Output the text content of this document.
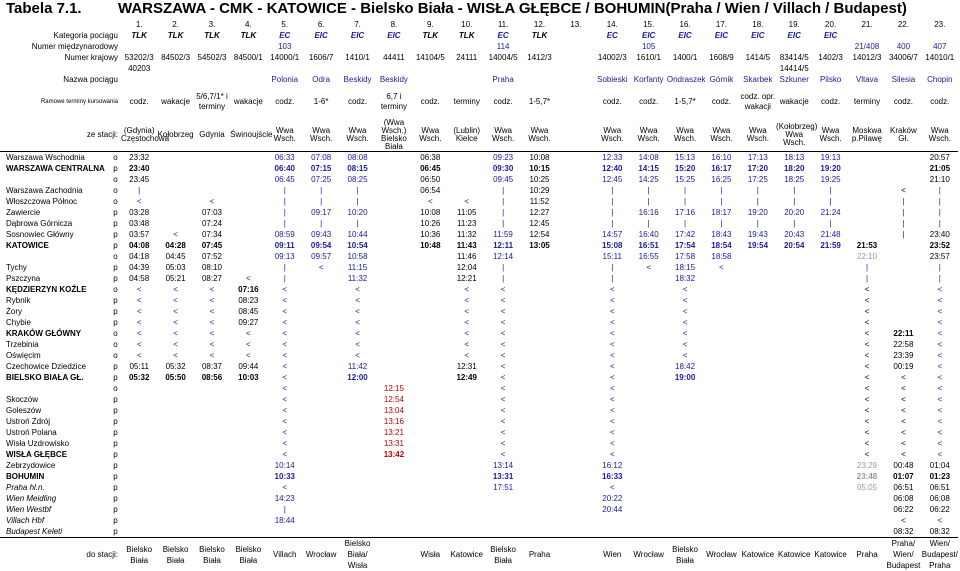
Tabela 7.1. WARSZAWA - CMK - KATOWICE - Bielsko Biała - WISŁA GŁĘBCE / BOHUMIN(Praha / Wien / Villach / Budapest)
		1.	2.	3.	4.	5.	6.	7.	8.	9.	10.	11.	12.	13.	14.	15.	16.	17.	18.	19.	20.	21.	22.	23.
Kategoria pociągu		TLK	TLK	TLK	TLK	EC	EIC	EIC	EIC	TLK	TLK	EC	TLK		EC	EIC	EIC	EIC	EIC	EIC	EIC			
Numer międzynarodowy						103						114				105						21/408	400	407
Numer krajowy		53202/3	84502/3	54502/3	84500/1	14000/1	1606/7	1410/1	44411	14104/5	24111	14004/5	1412/3		14002/3	1610/1	1400/1	1608/9	1414/5	83414/5	1402/3	14012/3	34006/7	14010/1
		40203																		14414/5				
Nazwa pociągu						Polonia	Odra	Beskidy	Beskidy			Praha			Sobieski	Korfanty	Ondraszek	Górnik	Skarbek	Szkuner	Pilsko	Vltava	Silesia	Chopin

Ramowe terminy kursowania		codz.	wakacje	5/6,7/1* i terminy	wakacje	codz.	1-6*	codz.	6,7 i terminy	codz.	terminy	codz.	1-5,7*		codz.	codz.	1-5,7*	codz.	codz. opr. wakacji	wakacje	codz.	terminy	codz.	codz.

ze stacji:		(Gdynia) Częstochowa	Kołobrzeg	Gdynia	Świnoujście	Wwa Wsch.	Wwa Wsch.	Wwa Wsch.	(Wwa Wsch.) Bielsko Biała	Wwa Wsch.	(Lublin) Kielce	Wwa Wsch.	Wwa Wsch.		Wwa Wsch.	Wwa Wsch.	Wwa Wsch.	Wwa Wsch.	Wwa Wsch.	(Kołobrzeg) Wwa Wsch.	Wwa Wsch.	Moskwa p.Pilawę	Kraków Gł.	Wwa Wsch.
Warszawa Wschodnia	o	23:32				06:33	07:08	08:08		06:38		09:23	10:08		12:33	14:08	15:13	16:10	17:13	18:13	19:13			20:57
WARSZAWA CENTRALNA	p	23:40				06:40	07:15	08:15		06:45		09:30	10:15		12:40	14:15	15:20	16:17	17:20	18:20	19:20			21:05
	o	23:45				06:45	07:25	08:25		06:50		09:45	10:25		12:45	14:25	15:25	16:25	17:25	18:25	19:25			21:10
Warszawa Zachodnia	o	|				|	|	|		06:54		|	10:29		|	|	|	|	|	|	|		<	|
Włoszczowa Północ	o	<		<		|	|	|		<	<	|	11:52		|	|	|	|	|	|	|		|	|
Zawiercie	p	03:28		07:03		|	09:17	10:20		10:08	11:05	|	12:27		|	16:16	17:16	18:17	19:20	20:20	21:24		|	|
Dąbrowa Górnicza	p	03:48		07:24		|	|	|		10:26	11:23	|	12:45		|	|	|	|	|	|	|		|	|
Sosnowiec Główny	p	03:57	<	07:34		08:59	09:43	10:44		10:36	11:32	11:59	12:54		14:57	16:40	17:42	18:43	19:43	20:43	21:48		|	23:40
KATOWICE	p	04:08	04:28	07:45		09:11	09:54	10:54		10:48	11:43	12:11	13:05		15:08	16:51	17:54	18:54	19:54	20:54	21:59	21:53		23:52
	o	04:18	04:45	07:52		09:13	09:57	10:58			11:46	12:14			15:11	16:55	17:58	18:58				22:10		23:57
Tychy	p	04:39	05:03	08:10		|	<	11:15			12:04	|			|	<	18:15	<				|		|
Pszczyna	p	04:58	05:21	08:27	<	|		11:32			12:21	|			|		18:32					|		|
KĘDZIERZYN KOŹLE	o	<	<	<	07:16	<		<			<	<			<		<					<		<
Rybnik	p	<	<	<	08:23	<		<			<	<			<		<					<		<
Żory	p	<	<	<	08:45	<		<			<	<			<		<					<		<
Chybie	p	<	<	<	09:27	<		<			<	<			<		<					<		<
KRAKÓW GŁÓWNY	o	<	<	<	<	<		<			<	<			<		<					<	22:11	<
Trzebinia	o	<	<	<	<	<		<			<	<			<		<					<	22:58	<
Oświęcim	o	<	<	<	<	<		<			<	<			<		<					<	23:39	<
Czechowice Dziedzice	p	05:11	05:32	08:37	09:44	<		11:42			12:31	<			<		18:42					<	00:19	<
BIELSKO BIAŁA GŁ.	p	05:32	05:50	08:56	10:03	<		12:00			12:49	<			<		19:00					<	<	<
	o					<			12:15			<			<							<	<	<
Skoczów	p					<			12:54			<			<							<	<	<
Goleszów	p					<			13:04			<			<							<	<	<
Ustroń Zdrój	p					<			13:16			<			<							<	<	<
Ustroń Polana	p					<			13:21			<			<							<	<	<
Wisła Uzdrowisko	p					<			13:31			<			<							<	<	<
WISŁA GŁĘBCE	p					<			13:42			<			<							<	<	<
Zebrzydowice	p					10:14						13:14			16:12							23:29	00:48	01:04
BOHUMIN	p					10:33						13:31			16:33							23:48	01:07	01:23
Praha hl.n.	p					<						17:51			<							05:05	06:51	06:51
Wien Meidling	p					14:23									20:22								06:08	06:08
Wien Westbf	p					|									20:44								06:22	06:22
Villach Hbf	p					18:44																	<	<
Budapest Keleti	p																						08:32	08:32
do stacji:		Bielsko Biała	Bielsko Biała	Bielsko Biała	Bielsko Biała	Villach	Wrocław	Bielsko Biała/ Wisła		Wisła	Katowice	Bielsko Biała	Praha		Wien	Wrocław	Bielsko Biała	Wrocław	Katowice	Katowice	Katowice	Praha	Praha/ Wien/ Budapest	Wien/ Budapest/ Praha
